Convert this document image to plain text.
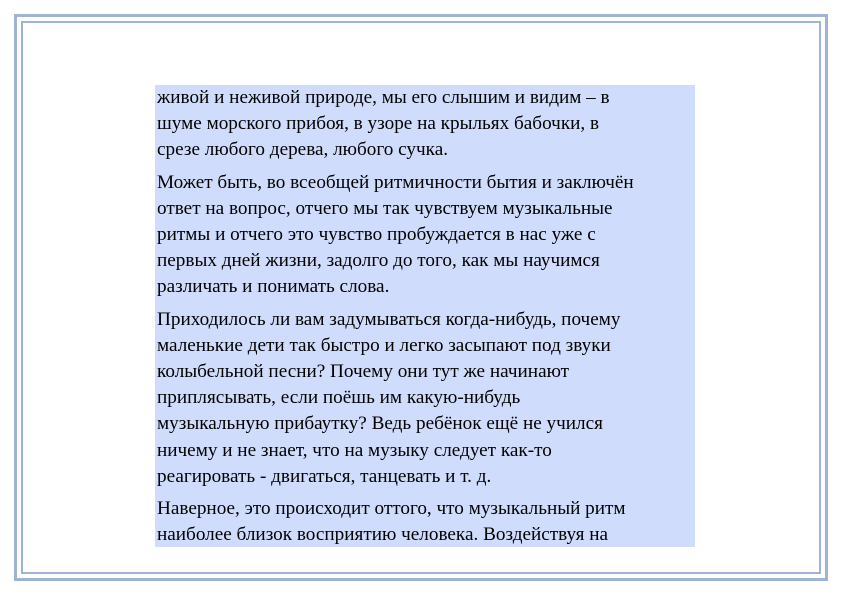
живой и неживой природе, мы его слышим и видим – в
шуме морского прибоя, в узоре на крыльях бабочки, в
срезе любого дерева, любого сучка.

Может быть, во всеобщей ритмичности бытия и заключён
ответ на вопрос, отчего мы так чувствуем музыкальные
ритмы и отчего это чувство пробуждается в нас уже с
первых дней жизни, задолго до того, как мы научимся
различать и понимать слова.

Приходилось ли вам задумываться когда-нибудь, почему
маленькие дети так быстро и легко засыпают под звуки
колыбельной песни? Почему они тут же начинают
приплясывать, если поёшь им какую-нибудь
музыкальную прибаутку? Ведь ребёнок ещё не учился
ничему и не знает, что на музыку следует как-то
реагировать - двигаться, танцевать и т. д.

Наверное, это происходит оттого, что музыкальный ритм
наиболее близок восприятию человека. Воздействуя на
